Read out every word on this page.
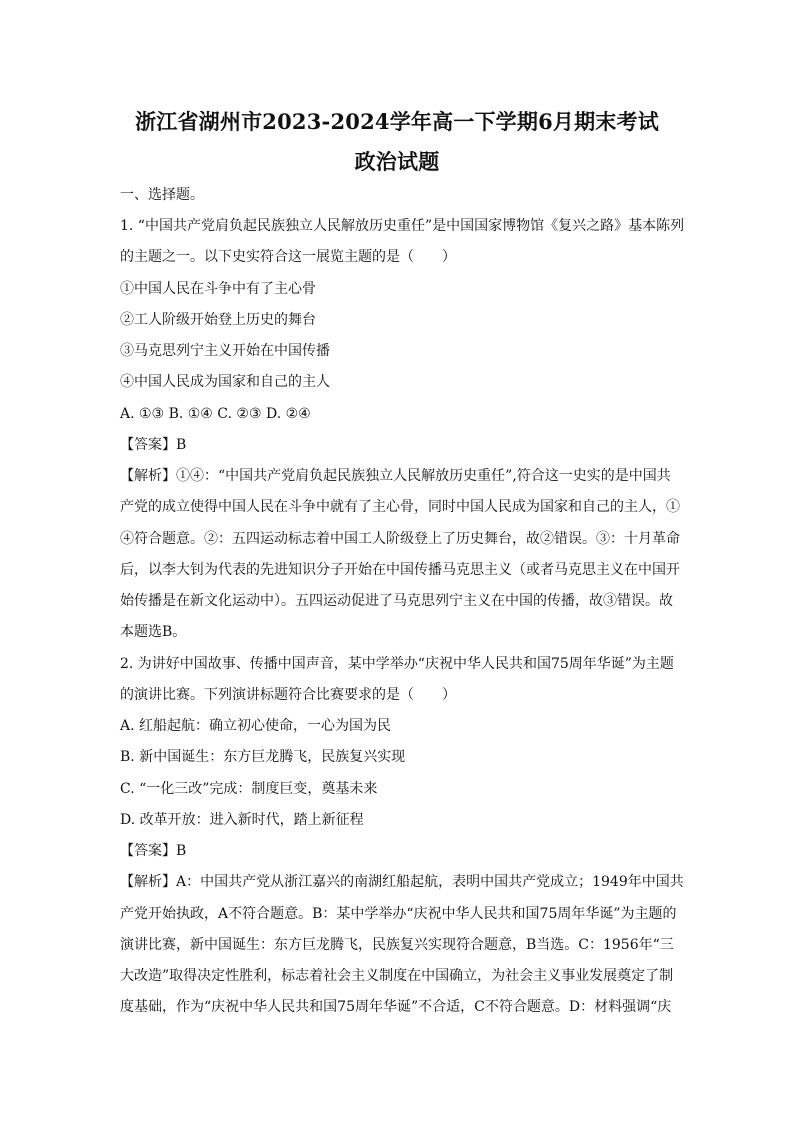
浙江省湖州市2023-2024学年高一下学期6月期末考试
政治试题
一、选择题。
1. “中国共产党肩负起民族独立人民解放历史重任”是中国国家博物馆《复兴之路》基本陈列
的主题之一。以下史实符合这一展览主题的是（　　）
①中国人民在斗争中有了主心骨
②工人阶级开始登上历史的舞台
③马克思列宁主义开始在中国传播
④中国人民成为国家和自己的主人
A. ①③ B. ①④ C. ②③ D. ②④
【答案】B
【解析】①④：“中国共产党肩负起民族独立人民解放历史重任”,符合这一史实的是中国共
产党的成立使得中国人民在斗争中就有了主心骨，同时中国人民成为国家和自己的主人，①
④符合题意。②：五四运动标志着中国工人阶级登上了历史舞台，故②错误。③：十月革命
后，以李大钊为代表的先进知识分子开始在中国传播马克思主义（或者马克思主义在中国开
始传播是在新文化运动中）。五四运动促进了马克思列宁主义在中国的传播，故③错误。故
本题选B。
2. 为讲好中国故事、传播中国声音，某中学举办“庆祝中华人民共和国75周年华诞”为主题
的演讲比赛。下列演讲标题符合比赛要求的是（　　）
A. 红船起航：确立初心使命，一心为国为民
B. 新中国诞生：东方巨龙腾飞，民族复兴实现
C. “一化三改”完成：制度巨变，奠基未来
D. 改革开放：进入新时代，踏上新征程
【答案】B
【解析】A：中国共产党从浙江嘉兴的南湖红船起航，表明中国共产党成立；1949年中国共
产党开始执政，A不符合题意。B：某中学举办“庆祝中华人民共和国75周年华诞”为主题的
演讲比赛，新中国诞生：东方巨龙腾飞，民族复兴实现符合题意，B当选。C：1956年“三
大改造”取得决定性胜利，标志着社会主义制度在中国确立，为社会主义事业发展奠定了制
度基础，作为“庆祝中华人民共和国75周年华诞”不合适，C不符合题意。D：材料强调“庆
